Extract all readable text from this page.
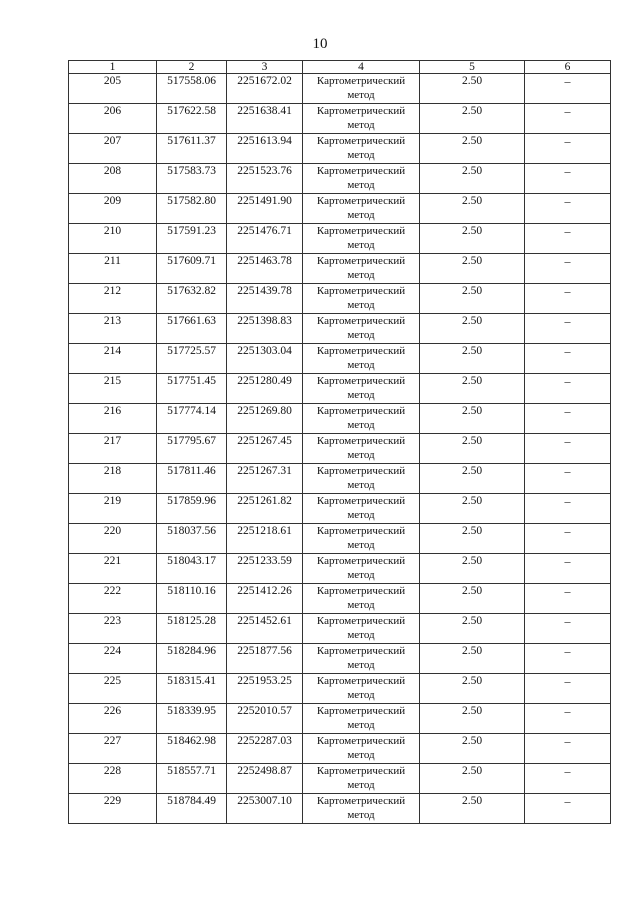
10
1	2	3	4	5	6
205	517558.06	2251672.02	Картометрический метод	2.50	–
206	517622.58	2251638.41	Картометрический метод	2.50	–
207	517611.37	2251613.94	Картометрический метод	2.50	–
208	517583.73	2251523.76	Картометрический метод	2.50	–
209	517582.80	2251491.90	Картометрический метод	2.50	–
210	517591.23	2251476.71	Картометрический метод	2.50	–
211	517609.71	2251463.78	Картометрический метод	2.50	–
212	517632.82	2251439.78	Картометрический метод	2.50	–
213	517661.63	2251398.83	Картометрический метод	2.50	–
214	517725.57	2251303.04	Картометрический метод	2.50	–
215	517751.45	2251280.49	Картометрический метод	2.50	–
216	517774.14	2251269.80	Картометрический метод	2.50	–
217	517795.67	2251267.45	Картометрический метод	2.50	–
218	517811.46	2251267.31	Картометрический метод	2.50	–
219	517859.96	2251261.82	Картометрический метод	2.50	–
220	518037.56	2251218.61	Картометрический метод	2.50	–
221	518043.17	2251233.59	Картометрический метод	2.50	–
222	518110.16	2251412.26	Картометрический метод	2.50	–
223	518125.28	2251452.61	Картометрический метод	2.50	–
224	518284.96	2251877.56	Картометрический метод	2.50	–
225	518315.41	2251953.25	Картометрический метод	2.50	–
226	518339.95	2252010.57	Картометрический метод	2.50	–
227	518462.98	2252287.03	Картометрический метод	2.50	–
228	518557.71	2252498.87	Картометрический метод	2.50	–
229	518784.49	2253007.10	Картометрический метод	2.50	–
